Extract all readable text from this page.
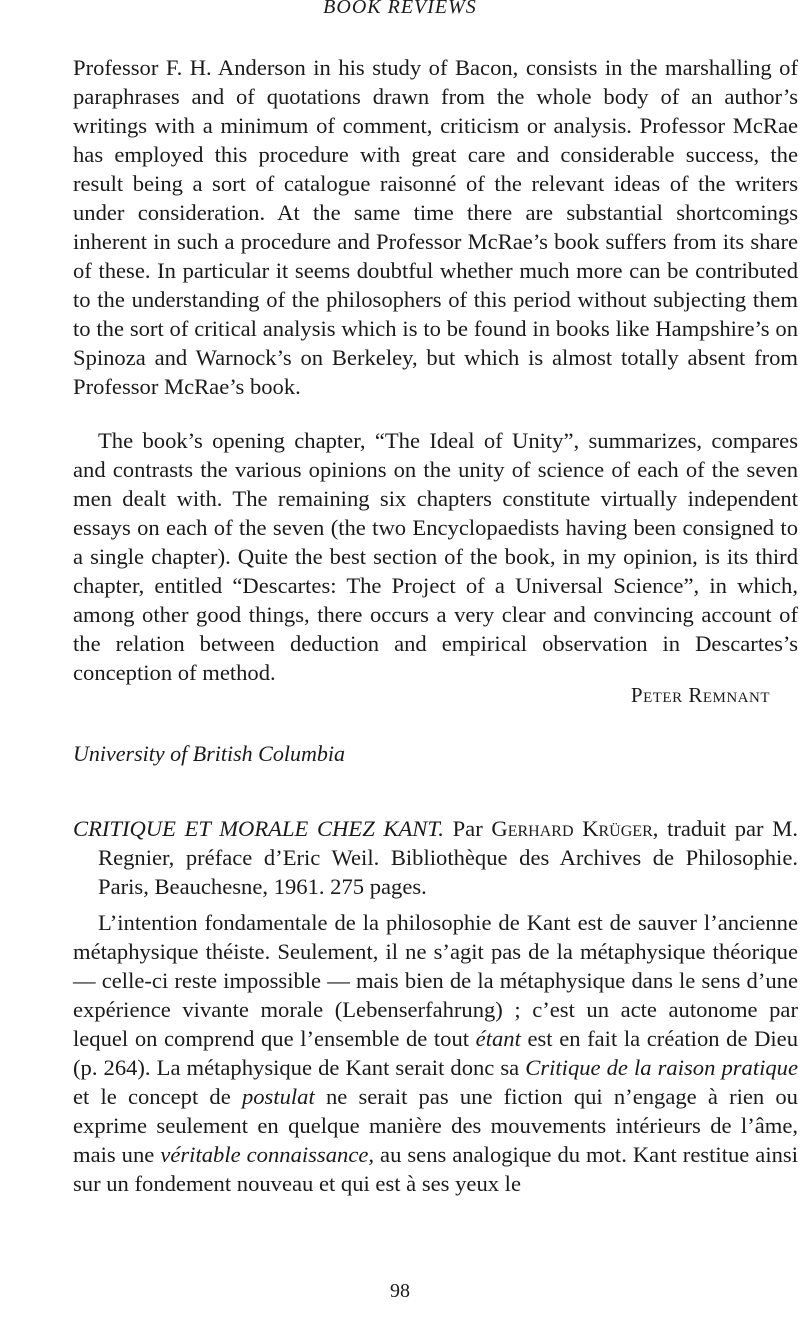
BOOK REVIEWS

Professor F. H. Anderson in his study of Bacon, consists in the marshalling of paraphrases and of quotations drawn from the whole body of an author’s writings with a minimum of comment, criticism or analysis. Professor McRae has employed this procedure with great care and considerable success, the result being a sort of catalogue raisonné of the relevant ideas of the writers under consideration. At the same time there are substantial shortcomings inherent in such a procedure and Professor McRae’s book suffers from its share of these. In particular it seems doubtful whether much more can be contributed to the understanding of the philosophers of this period without subjecting them to the sort of critical analysis which is to be found in books like Hampshire’s on Spinoza and Warnock’s on Berkeley, but which is almost totally absent from Professor McRae’s book.

The book’s opening chapter, “The Ideal of Unity”, summarizes, compares and contrasts the various opinions on the unity of science of each of the seven men dealt with. The remaining six chapters constitute virtually independent essays on each of the seven (the two Encyclopaedists having been consigned to a single chapter). Quite the best section of the book, in my opinion, is its third chapter, entitled “Descartes: The Project of a Universal Science”, in which, among other good things, there occurs a very clear and convincing account of the relation between deduction and empirical observation in Descartes’s conception of method.

Peter Remnant
University of British Columbia

CRITIQUE ET MORALE CHEZ KANT. Par Gerhard Krüger, traduit par M. Regnier, préface d’Eric Weil. Bibliothèque des Archives de Philosophie. Paris, Beauchesne, 1961. 275 pages.

L’intention fondamentale de la philosophie de Kant est de sauver l’ancienne métaphysique théiste. Seulement, il ne s’agit pas de la métaphysique théorique — celle-ci reste impossible — mais bien de la métaphysique dans le sens d’une expérience vivante morale (Lebenserfahrung) ; c’est un acte autonome par lequel on comprend que l’ensemble de tout étant est en fait la création de Dieu (p. 264). La métaphysique de Kant serait donc sa Critique de la raison pratique et le concept de postulat ne serait pas une fiction qui n’engage à rien ou exprime seulement en quelque manière des mouvements intérieurs de l’âme, mais une véritable connaissance, au sens analogique du mot. Kant restitue ainsi sur un fondement nouveau et qui est à ses yeux le

98
